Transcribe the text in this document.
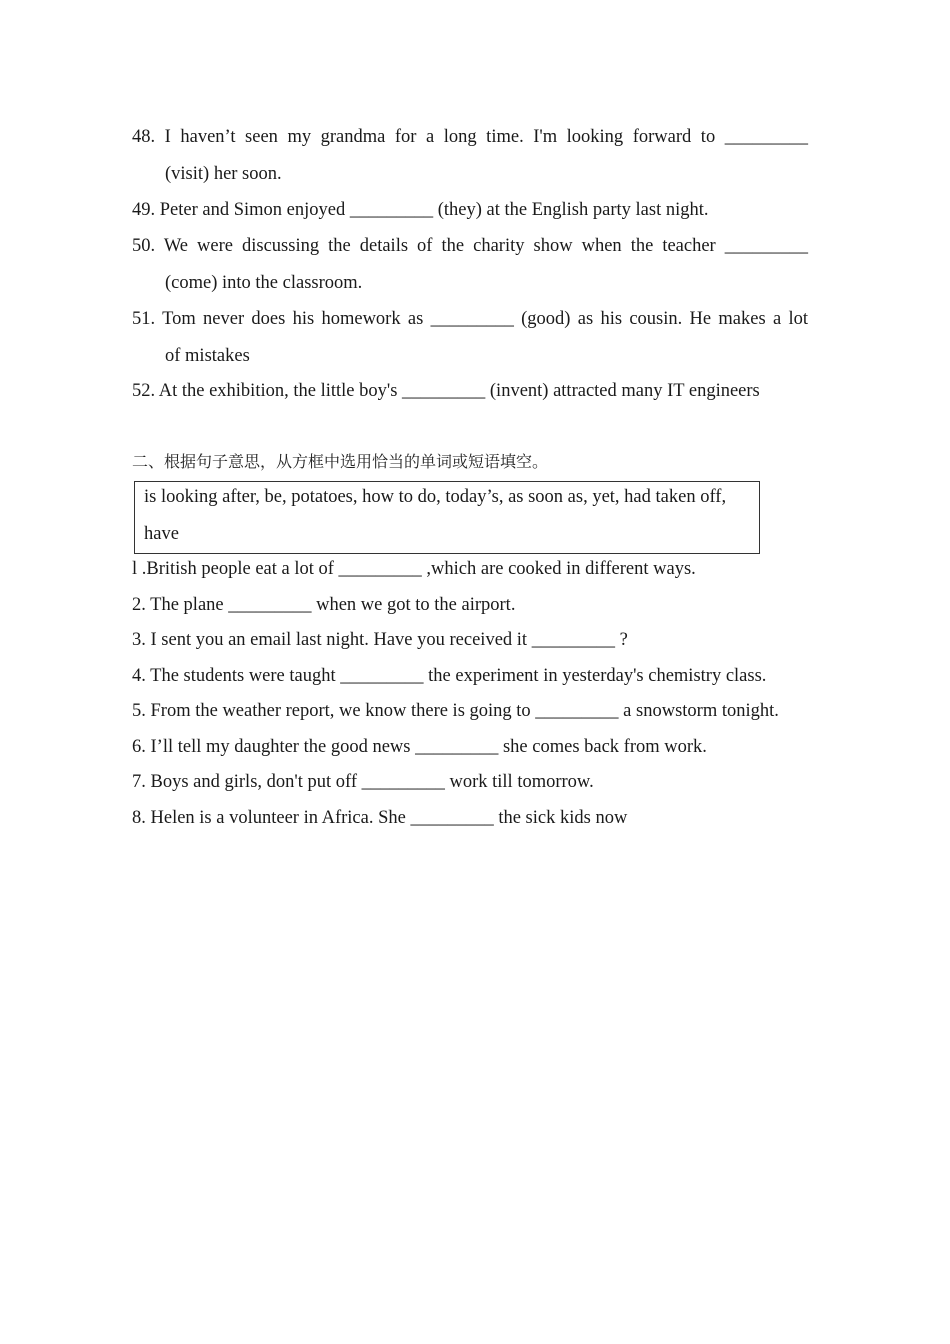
48. I haven’t seen my grandma for a long time. I'm looking forward to _________
(visit) her soon.
49. Peter and Simon enjoyed _________ (they) at the English party last night.
50. We were discussing the details of the charity show when the teacher _________
(come) into the classroom.
51. Tom never does his homework as _________ (good) as his cousin. He makes a lot
of mistakes
52. At the exhibition, the little boy's _________ (invent) attracted many IT engineers
二、根据句子意思，从方框中选用恰当的单词或短语填空。
is looking after, be, potatoes, how to do, today’s, as soon as, yet, had taken off,
have
l .British people eat a lot of _________ ,which are cooked in different ways.
2. The plane _________ when we got to the airport.
3. I sent you an email last night. Have you received it _________ ?
4. The students were taught _________ the experiment in yesterday's chemistry class.
5. From the weather report, we know there is going to _________ a snowstorm tonight.
6. I’ll tell my daughter the good news _________ she comes back from work.
7. Boys and girls, don't put off _________ work till tomorrow.
8. Helen is a volunteer in Africa. She _________ the sick kids now
